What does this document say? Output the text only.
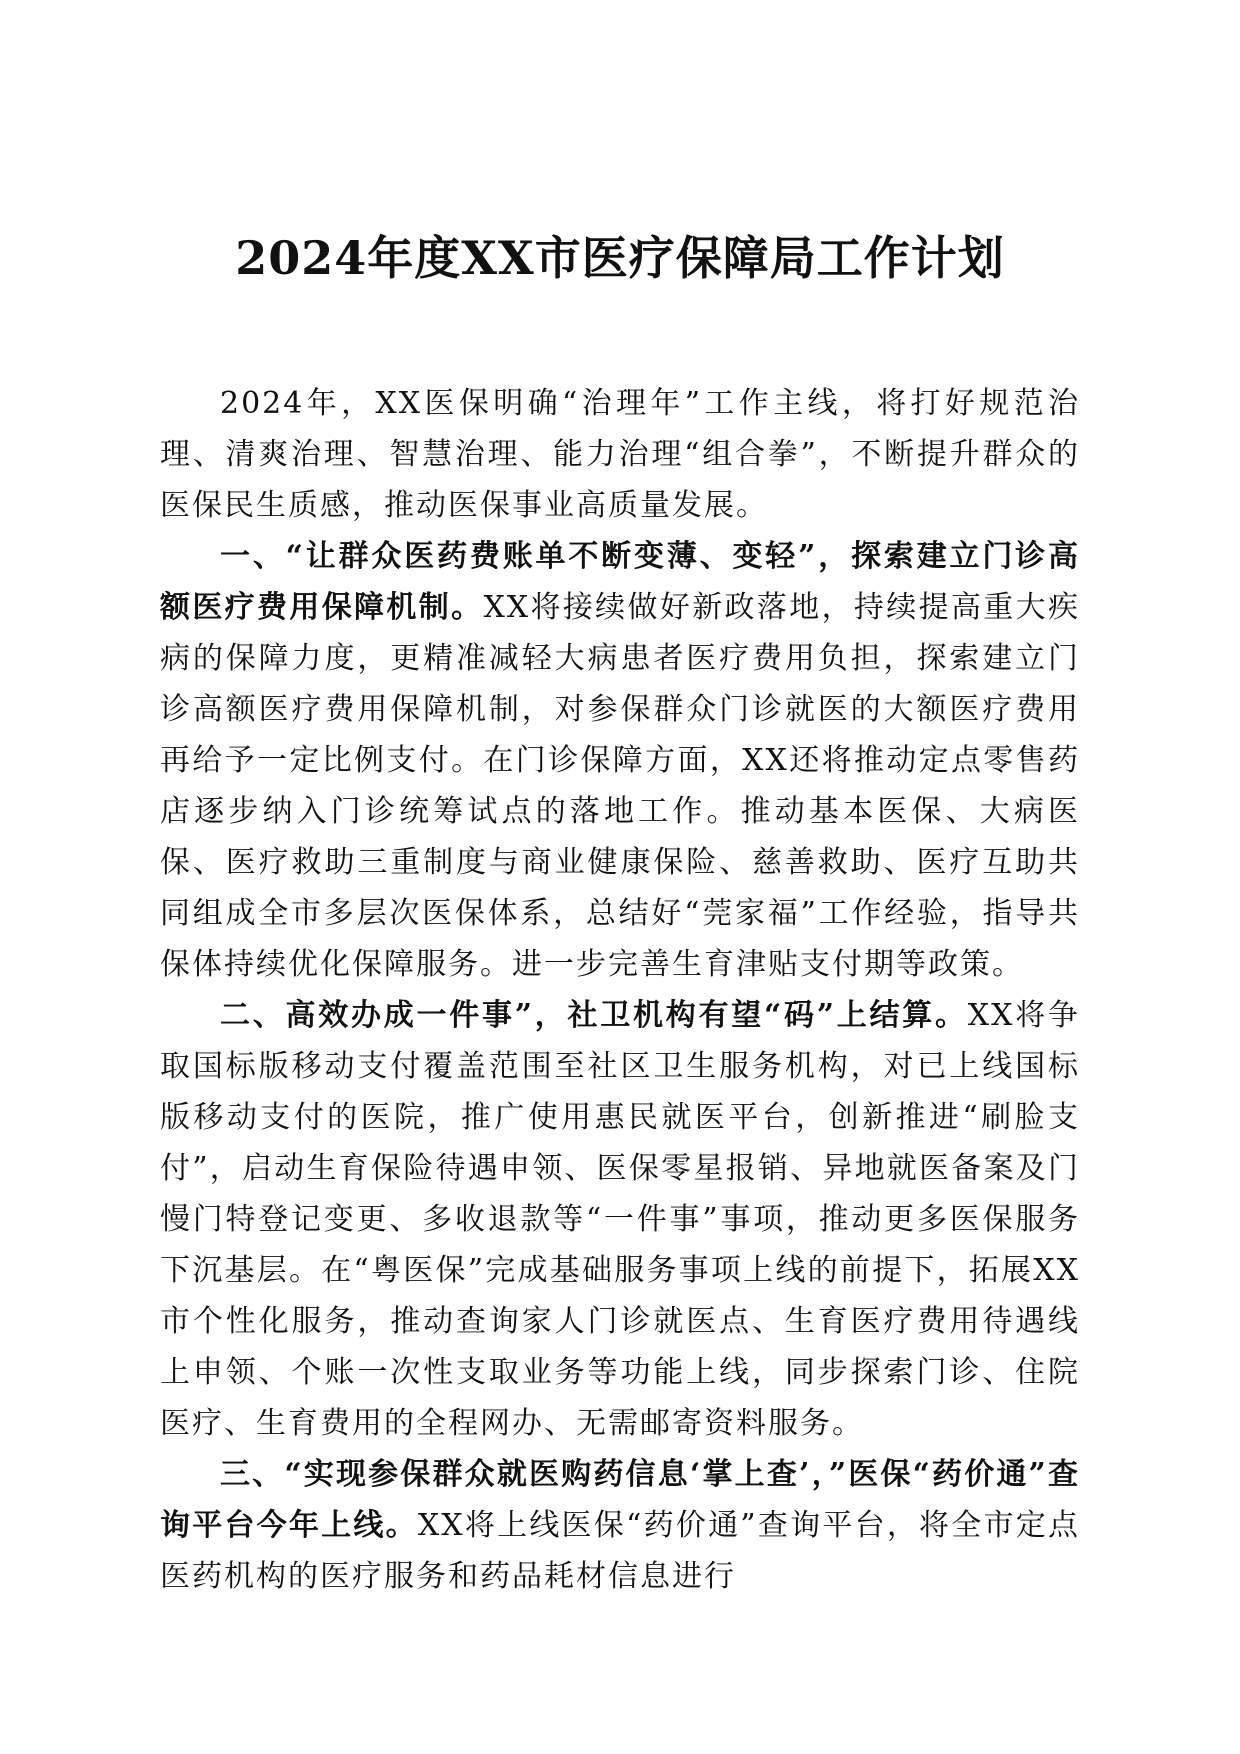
2024年度XX市医疗保障局工作计划

2024年，XX医保明确“治理年”工作主线，将打好规范治理、清爽治理、智慧治理、能力治理“组合拳”，不断提升群众的医保民生质感，推动医保事业高质量发展。

一、“让群众医药费账单不断变薄、变轻”，探索建立门诊高额医疗费用保障机制。XX将接续做好新政落地，持续提高重大疾病的保障力度，更精准减轻大病患者医疗费用负担，探索建立门诊高额医疗费用保障机制，对参保群众门诊就医的大额医疗费用再给予一定比例支付。在门诊保障方面，XX还将推动定点零售药店逐步纳入门诊统筹试点的落地工作。推动基本医保、大病医保、医疗救助三重制度与商业健康保险、慈善救助、医疗互助共同组成全市多层次医保体系，总结好“莞家福”工作经验，指导共保体持续优化保障服务。进一步完善生育津贴支付期等政策。

二、高效办成一件事”，社卫机构有望“码”上结算。XX将争取国标版移动支付覆盖范围至社区卫生服务机构，对已上线国标版移动支付的医院，推广使用惠民就医平台，创新推进“刷脸支付”，启动生育保险待遇申领、医保零星报销、异地就医备案及门慢门特登记变更、多收退款等“一件事”事项，推动更多医保服务下沉基层。在“粤医保”完成基础服务事项上线的前提下，拓展XX市个性化服务，推动查询家人门诊就医点、生育医疗费用待遇线上申领、个账一次性支取业务等功能上线，同步探索门诊、住院医疗、生育费用的全程网办、无需邮寄资料服务。

三、“实现参保群众就医购药信息‘掌上查’，”医保“药价通”查询平台今年上线。XX将上线医保“药价通”查询平台，将全市定点医药机构的医疗服务和药品耗材信息进行
